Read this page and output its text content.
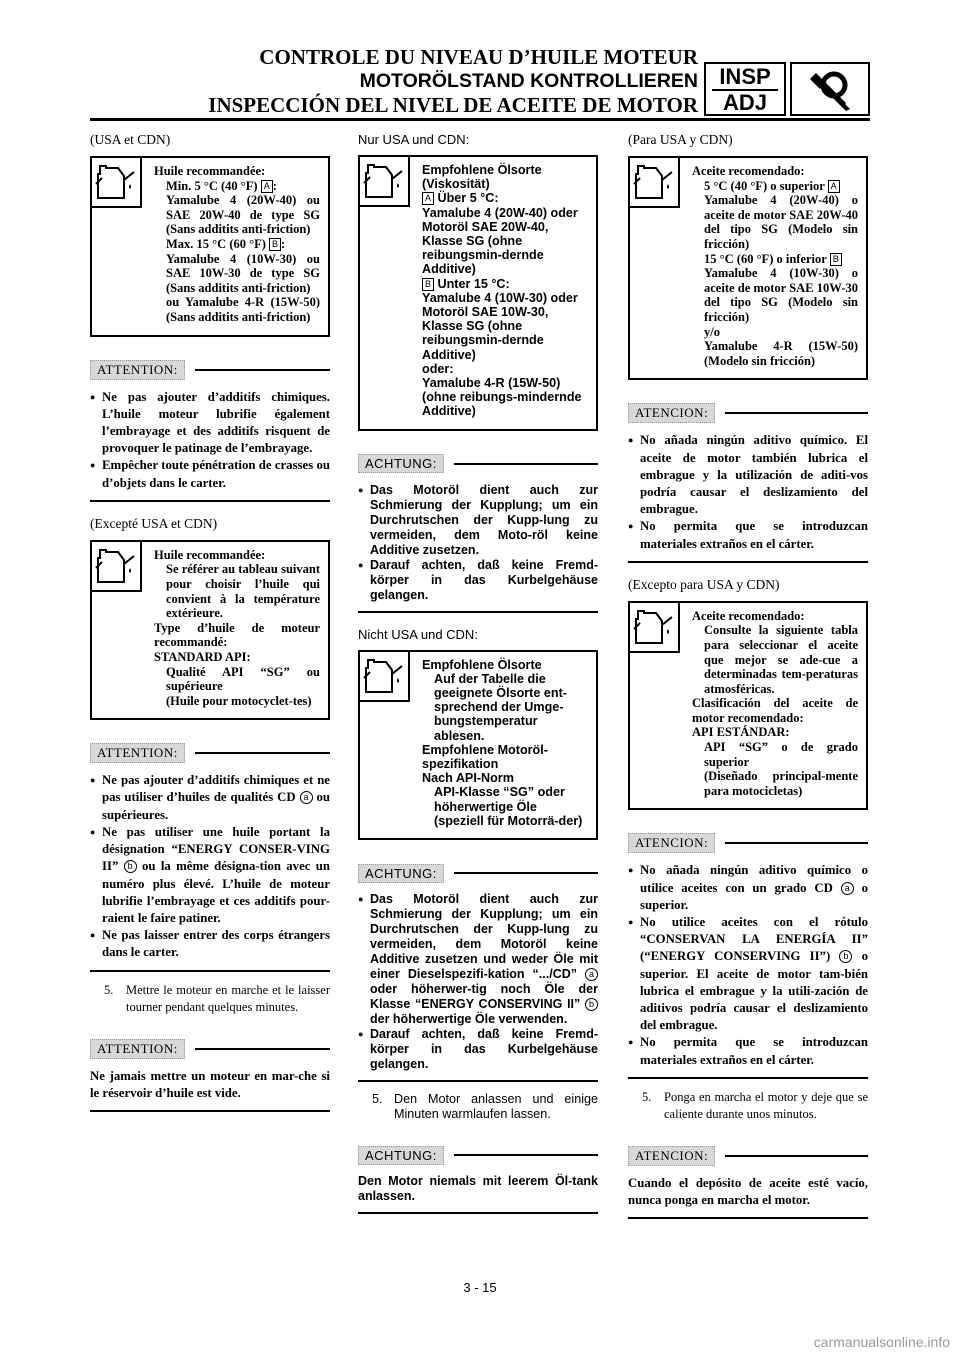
CONTROLE DU NIVEAU D’HUILE MOTEUR
MOTORÖLSTAND KONTROLLIEREN
INSPECCIÓN DEL NIVEL DE ACEITE DE MOTOR
INSP
ADJ
(USA et CDN)
Huile recommandée:
Min. 5 °C (40 °F) A :
Yamalube 4 (20W-40) ou SAE 20W-40 de type SG (Sans additits anti-friction)
Max. 15 °C (60 °F) B :
Yamalube 4 (10W-30) ou SAE 10W-30 de type SG (Sans additits anti-friction)
ou Yamalube 4-R (15W-50) (Sans additits anti-friction)
ATTENTION:
● Ne pas ajouter d’additifs chimiques. L’huile moteur lubrifie également l’embrayage et des additifs risquent de provoquer le patinage de l’embrayage.
● Empêcher toute pénétration de crasses ou d’objets dans le carter.
(Excepté USA et CDN)
Huile recommandée:
Se référer au tableau suivant pour choisir l’huile qui convient à la température extérieure.
Type d’huile de moteur recommandé:
STANDARD API:
Qualité API “SG” ou supérieure
(Huile pour motocyclet-tes)
ATTENTION:
● Ne pas ajouter d’additifs chimiques et ne pas utiliser d’huiles de qualités CD a ou supérieures.
● Ne pas utiliser une huile portant la désignation “ENERGY CONSER-VING II” b ou la même désigna-tion avec un numéro plus élevé. L’huile de moteur lubrifie l’embrayage et ces additifs pour-raient le faire patiner.
● Ne pas laisser entrer des corps étrangers dans le carter.
5.	Mettre le moteur en marche et le laisser tourner pendant quelques minutes.
ATTENTION:

Ne jamais mettre un moteur en mar-che si le réservoir d’huile est vide.

Nur USA und CDN:
Empfohlene Ölsorte (Viskosität)
A Über 5 °C:
Yamalube 4 (20W-40) oder Motoröl SAE 20W-40, Klasse SG (ohne reibungsmin-dernde Additive)
B Unter 15 °C:
Yamalube 4 (10W-30) oder Motoröl SAE 10W-30, Klasse SG (ohne reibungsmin-dernde Additive)
oder:
Yamalube 4-R (15W-50) (ohne reibungs-mindernde Additive)
ACHTUNG:
● Das Motoröl dient auch zur Schmierung der Kupplung; um ein Durchrutschen der Kupp-lung zu vermeiden, dem Moto-röl keine Additive zusetzen.
● Darauf achten, daß keine Fremd-körper in das Kurbelgehäuse gelangen.
Nicht USA und CDN:
Empfohlene Ölsorte
Auf der Tabelle die geeignete Ölsorte ent-sprechend der Umge-bungstemperatur ablesen.
Empfohlene Motoröl-spezifikation
Nach API-Norm
API-Klasse “SG” oder höherwertige Öle (speziell für Motorrä-der)
ACHTUNG:
● Das Motoröl dient auch zur Schmierung der Kupplung; um ein Durchrutschen der Kupp-lung zu vermeiden, dem Motoröl keine Additive zusetzen und weder Öle mit einer Dieselspezifi-kation “.../CD” a oder höherwer-tig noch Öle der Klasse “ENERGY CONSERVING II” b der höherwertige Öle verwenden.
● Darauf achten, daß keine Fremd-körper in das Kurbelgehäuse gelangen.
5. Den Motor anlassen und einige Minuten warmlaufen lassen.
ACHTUNG:

Den Motor niemals mit leerem Öl-tank anlassen.

(Para USA y CDN)
Aceite recomendado:
5 °C (40 °F) o superior A
Yamalube 4 (20W-40) o aceite de motor SAE 20W-40 del tipo SG (Modelo sin fricción)
15 °C (60 °F) o inferior B
Yamalube 4 (10W-30) o aceite de motor SAE 10W-30 del tipo SG (Modelo sin fricción)
y/o
Yamalube 4-R (15W-50) (Modelo sin fricción)
ATENCION:
● No añada ningún aditivo químico. El aceite de motor también lubrica el embrague y la utilización de aditi-vos podría causar el deslizamiento del embrague.
● No permita que se introduzcan materiales extraños en el cárter.
(Excepto para USA y CDN)
Aceite recomendado:
Consulte la siguiente tabla para seleccionar el aceite que mejor se ade-cue a determinadas tem-peraturas atmosféricas.
Clasificación del aceite de motor recomendado:
API ESTÁNDAR:
API “SG” o de grado superior
(Diseñado principal-mente para motocicletas)
ATENCION:
● No añada ningún aditivo químico o utilice aceites con un grado CD a o superior.
● No utilice aceites con el rótulo “CONSERVAN LA ENERGÍA II” (“ENERGY CONSERVING II”) b o superior. El aceite de motor tam-bién lubrica el embrague y la utili-zación de aditivos podría causar el deslizamiento del embrague.
● No permita que se introduzcan materiales extraños en el cárter.
5.	Ponga en marcha el motor y deje que se caliente durante unos minutos.
ATENCION:

Cuando el depósito de aceite esté vacío, nunca ponga en marcha el motor.

3 - 15
carmanualsonline.info
